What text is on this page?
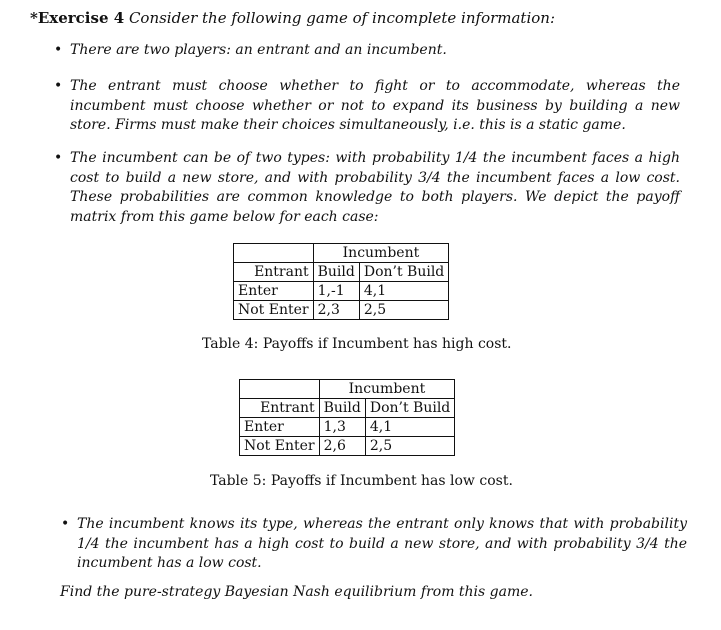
*Exercise 4 Consider the following game of incomplete information:
• There are two players: an entrant and an incumbent.
• The entrant must choose whether to fight or to accommodate, whereas the incumbent must choose whether or not to expand its business by building a new store. Firms must make their choices simultaneously, i.e. this is a static game.
• The incumbent can be of two types: with probability 1/4 the incumbent faces a high cost to build a new store, and with probability 3/4 the incumbent faces a low cost. These probabilities are common knowledge to both players. We depict the payoff matrix from this game below for each case:
	Incumbent	
Entrant	Build	Don’t Build
Enter	1,-1	4,1
Not Enter	2,3	2,5
Table 4: Payoffs if Incumbent has high cost.
	Incumbent	
Entrant	Build	Don’t Build
Enter	1,3	4,1
Not Enter	2,6	2,5
Table 5: Payoffs if Incumbent has low cost.
• The incumbent knows its type, whereas the entrant only knows that with probability 1/4 the incumbent has a high cost to build a new store, and with probability 3/4 the incumbent has a low cost.
Find the pure-strategy Bayesian Nash equilibrium from this game.
